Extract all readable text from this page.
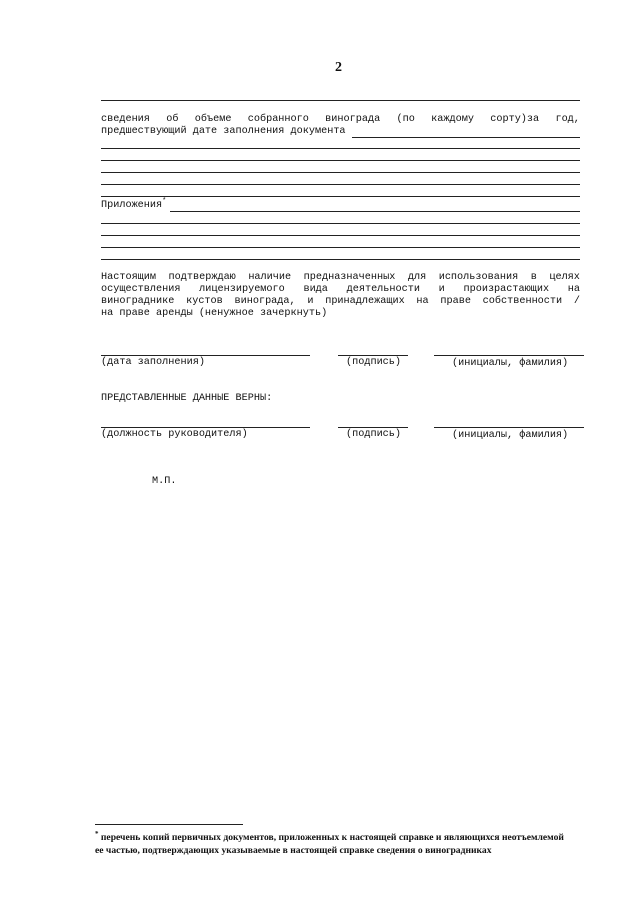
2
сведения об объеме собранного винограда (по каждому сорту)за год,
предшествующий дате заполнения документа
Приложения*
Настоящим подтверждаю наличие предназначенных для использования в целях
осуществления лицензируемого вида деятельности и произрастающих на
винограднике кустов винограда, и принадлежащих на праве собственности /
на праве аренды (ненужное зачеркнуть)
(дата заполнения)	(подпись)	(инициалы, фамилия)
ПРЕДСТАВЛЕННЫЕ ДАННЫЕ ВЕРНЫ:
(должность руководителя)	(подпись)	(инициалы, фамилия)
М.П.
* перечень копий первичных документов, приложенных к настоящей справке и являющихся неотъемлемой
ее частью, подтверждающих указываемые в настоящей справке сведения о виноградниках
